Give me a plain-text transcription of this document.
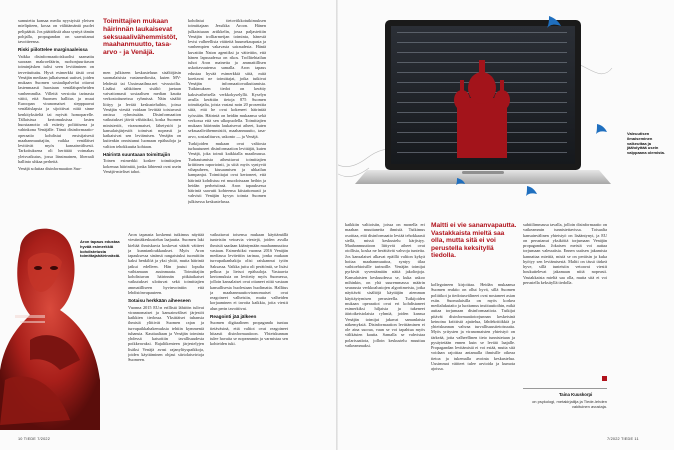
sumutettu kansaa media nyystyistä yleisen mielipiteen, kossa on välittämäntä puolet pelipäättä. Jos päättöksiä ahaa syntyä tämän pohjalla, propagandan on saavuttanut tavoitteensa.

Riski piilottelee marginaaleissa

Vaikka disinformaatioiskuolisi saamattu suoraan makroefäärin, ruohonjuuritason toiminjäsken tulisi seen levitäminen on tervettuttuttu. Hyvä esimerkki tästä ovat Venäjän mediaan julkaisemat uutiset, joiden mukaan Suomen sosiaalipalvelut ottavat lastenmaasti huostaan venäläisperheiden vanhemmilta. Villeitä versioita tarinasta väitti, että Suomen hallitus ja muut Euroopan viranomaiset siepppaavat venäläislapsia ja sijoittivat niitä sinne kenkityksiteltä tai myivät homoparelle. Tällaisissa kertomuksissa lasten huostaanotto oli esitetty poliittisena ja vahinkona Venäjälle. Tämä disinformaatio-operaatio kohdistui ensisijaisesti maahanmuuttajiin, vaikka venäläiset levittivät myös kansainvälisesti. Tarkoituksena oli herättää voimakas yleisvaikutus, jossa länsimainen, liberaali hallinto uhkaa perheitä.

Venäjä soluttaa disinformaation Suo-

Toimittajien mukaan häirinnän laukaisevat seksuaalivähemmistöt, maahanmuutto, tasa-arvo - ja Venäjä.

men julkiseen keskusteluun sisältöjäsin suomalaisista vastamediosita, kuten MV-lehdestä tai Uusimaailma.net -sivustoilta. Lisäksi sähköinen sisältö jaetaan vaivattomasti sosiaalisen median kautta verkostoituneissa ryhmissä. Näin sisältö liittyy ja leviää keskusteluihin, joissa Venäjän viestiä voidaan levittää toistuvasti omissa ryhmissään. Disinformaation vaikutukset jäivät vähäisiksi, koska Suomen ministeriöt, viranomaiset, lähetystöt ja kansalaisjärjestöt toimivat nopeasti ja katkaisivat sen leviämisen. Venäjän on kuitenkin onnistunut luomaan epäluuloja ja valtion tehokkuutta kohtaan.

Häirintä suuntaaan toimittajiin

Toinen esimerkki koskee toimittajien kokemaa häirintää, jonka lähteenä ovat usein Venäjä-mieliset tahot.

kohdistui tietoviikkotutkimuksen toimittajaan Jessikka Aroon. Hänen julkaistuaan artikkelin, jossa paljastettiin Venäjän trolliarmeijan toiminta, hänestä levisi valheellisia väitteitä huumekaupasta ja vanhempien vakavasta sairaudesta. Häntä kuvattiin Naton agentiksi ja väitettiin, että hänen lapsuudessa on rikos. Trollitehtailun tuhot Aron mainetta ja ammattillisen uskottavuutensa samalla. Aron tapaus edustaa hyvää esimerkkiä siitä, mitä koettavat ne toimittajat, jotka tutkivat Venäjän informaatiovaikuttamista. Tutkimuksen tiedot on kerätty kaksivaiheisella verkkokyselyllä. Kyselyn avulla kerättiin tietoja 875 Suomen toimittajalta, joista vastasi noin 20 prosenttia siitä, että he ovat kokeneet häirintää työssään. Häirintä on heidän mukaansa sekä verkossa että sen ulkopuolella. Toimittajien mukaan häirinnän laukaisevat aiheet, kuten seksuaalivähemmistöt, maahanmuutto, tasa-arvo, sosiaaliturva, uskonto — ja Venäjä.

Turkijoiden mukaan ovat valtiosta turhautuneet disinformaation levittäjät, kuten Venäjä, joka toimii kaikkialla maailmassa. Turhautumista aiheuttavat toimittajien kriittinen raportointi, ja siitä myös syntyvät vihapuheen, kiusaamisen ja uhkailun kampanjat. Toimittajat ovat kertoneet, että häirintä kohdistuu eri muodoissaan heihin ja heidän perheisiinsä. Aron tapauksessa häirintä saavutti kohteensa kiistattomasti ja vahvisti Venäjän kyvyn toimia Suomen julkisessa keskustelussa.

Aron tapaus edustaa hyvää esimerkkiä kohdistetusta toimittajahäirinnästä.

Aron tapausta koskenut tutkimus näyttää viestintäkeskustelun laajuutta. Suomen laki kieltää ihmiskuvia koskevat väärät väitteet ja kunnianloukkaukset. Myös Aron tapauksessa sinänsä rangaistuksi tuomittiin kaksi henkilöä ja yksi yhtiö, mutta häirintä jatkui edelleen. Hän joutui lopulta vaihtamaan asuinmaata. Toimittajiin kohdistuvan häirinnän pitkäaikaiset vaikutukset ulottuvat sekä toimittajien ammatilliseen hyvinvointiin että lehdistönvapauteen.

Sotaisu herkkään aiheeseen

Vuonna 2015 EU:n erillistä lähtöön tulivat virannomaiset ja kansainväliset järjestöt kaikkien tiedossa. Yksittäiset tuhansia ihmisiä ylittivät Suomen rajan ja turvapaikkahakemuksia tehtiin kymmeniä tuhansia. Kauttaaltaan ja Venäjän toiminta yhdessä katsottiin tavallisuudesta poikkeavaksi. Rajaliikenteen järjestelyjen lisäksi Venäjä avasi rajanylityspaikkoja, joiden käyttäminen ohjasi siirtolaisvirtoja Suomeen.

vaikuttavat toisensa mukaan käyttämällä tunteisiin vetoavia viestejä, joiden avulla ihmisiä saadaan kääntymään maahanmuuttoa vastaan. Esimerkiksi vuonna 2016 Venäjän mediassa levitettiin tarinaa, jonka mukaan turvapaikanhakija olisi raiskannut tytön Saksassa. Vaikka juttu oli perätöntä, se lisäsi pelkoa ja lietsoi epäluuloja. Vastaavia kertomuksia on levitetty myös Suomessa, jolloin kansalaiset ovat ottaneet niitä vastaan kansallisesta huolestaan huolimatta. Hallitus ja maahanmuuttoviranomaiset ovat reagoineet valheisiin, mutta valheiden korjaaminen ei tavoita kaikkia, joita viestit alun perin tavoittivat.

Reagointi jää jälkeen

Suomen digitaalinen propaganda tuntuu tietäväsinä, että valtiot ovat reagoineet hitaasti disinformaatioon. Yhteiskunnan tulee havaita se nopeammin ja varmistaa sen kohteiden tuki.

10 TIEDE 7/2022
Valeuutisen ilmaiseminen vaikeuttaa ja jäähdyttää usein valppaana olemista.

kaikkiin valtioisiin, joissa on monella eri maahan muuttaneita ihmisiä. Tutkimus osoittaa, että disinformaatio leviää tehokkaasti siellä, missä keskustelu kärjistyy. Maahanmuuttoon liittyvät aiheet ovat otollisia, koska ne herättävät vahvoja tunteita. Jos kansalaiset alkavat epäillä valtion kykyä hoitaa maahanmuuttoa, syntyy tilaa vaihtoehtoisille tarinoille. Venäjän toimijat pyrkivät syventämään näitä jakolinjoja. Kansalaisten keskuudessa se, kuka uskoo mihinkin, on yhä suuremmassa määrin seurausta verkkoalustojen algoritmeista, jotka näyttävät sisältöjä käyttäjän aiemman käyttäytymisen perusteella. Tutkijoiden mukaan operaatiot ovat eri kohdistaneet esimerkiksi hiljaisia ja tukeneet äärioikeistolaisia ryhmiä, joiden kanssa Venäjän toimijat jakavat samanlaisia näkemyksiä. Disinformaation levittäminen ei ole aina suoraa, vaan se voi tapahtua myös välikäsien kautta. Samalla se vahvistaa polarisaatiota, jolloin keskustelu muuttuu vaikeammaksi.

Maltti ei vie sananvapautta. Vastakkaista mieltä saa olla, mutta sitä ei voi perustella keksityllä tiedolla.

kollegoineen kirjoittaa. Heidän mukaansa Suomen reaktio on ollut hyvä, sillä Suomen poliitikot ja tiedotusvälineet ovat nostaneet asian esiin. Suomalaisilla on myös korkea medialukutaito ja luottamus instituutioihin, mikä auttaa torjumaan disinformaatiota. Tutkijat pitävät disinformaatiotorjunnan keskeisinä keinoina kriittistä ajattelua, lähdekritiikkiä ja yhteiskunnan vahvaa turvallisuustietoisuutta. Myös yritysten ja viranomaisten yhteistyö on tärkeää, jotta valheellinen tieto tunnistetaan ja pysäytetään ennen kuin se leviää laajalle. Propagandan levitämistä ei voi estää, mutta sitä voidaan rajoittaa antamalla ihmisille oikeaa tietoa ja tukemalla avointa keskustelua. Uusimmat väitteet tulee arvioida ja kumota ajoissa.

subtiilimmassa tavalla, jolloin disinformaatio on vaikeammin tunnistettavissa. Toisaalta kansainvälinen yhteistyö on lisääntynyt, ja EU on perustanut yksiköitä torjumaan Venäjän propagandaa. Jokaisen meistä voi auttaa torjumaan valeuutisia. Ennen uutisen jakamista kannattaa miettiä, mistä se on peräisin ja kuka hyötyy sen leviämisestä. Maltti on tässä tärkeä hyve, sillä tunteisiin vetoavat viestit houkuttelevat jakamaan niitä nopeasti. Vastakkaista mieltä saa olla, mutta sitä ei voi perustella keksityllä tiedolla.

Taina Kuuskorpi
on psykologi, metakirjailija ja Tiede-lehden vakituinen avustaja.
7/2022 TIEDE 11
